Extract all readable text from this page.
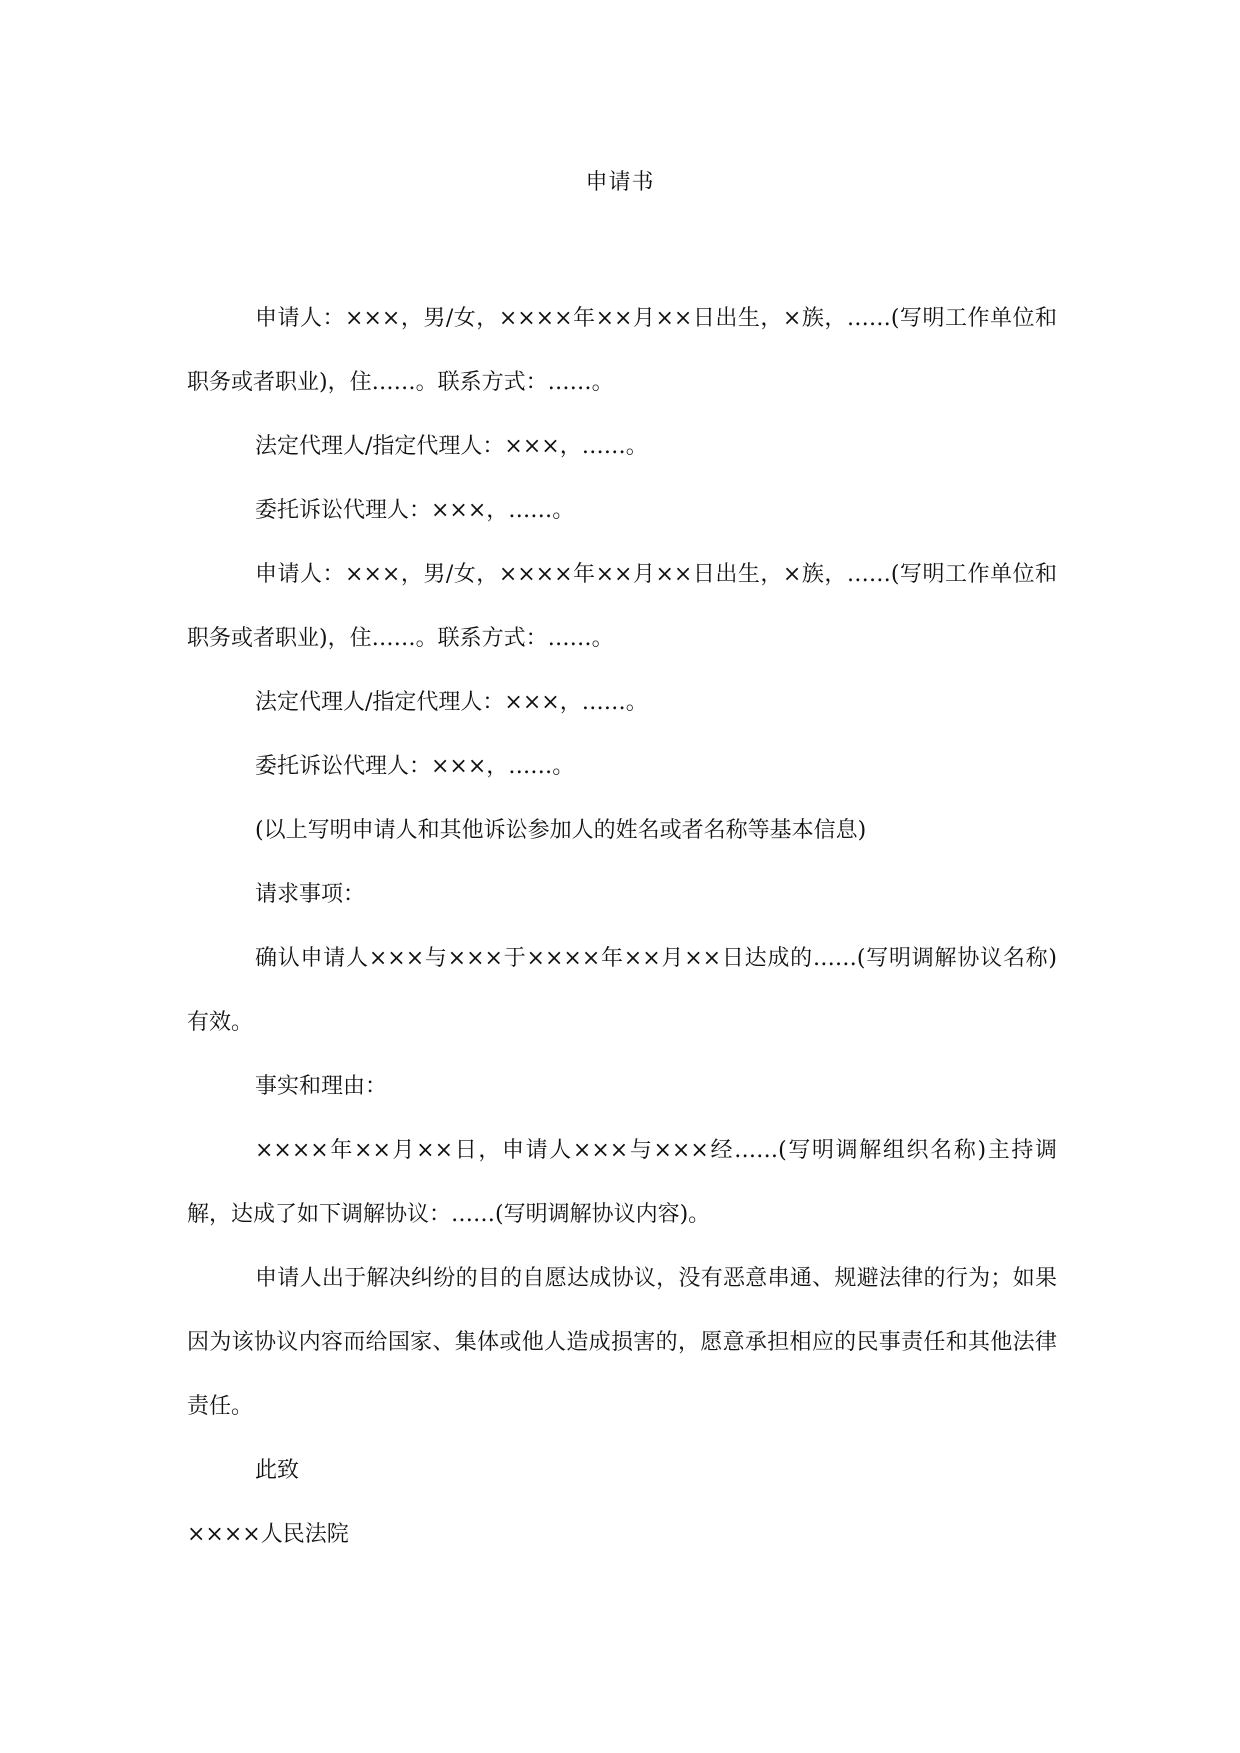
申请书

申请人：×××，男/女，××××年××月××日出生，×族，……(写明工作单位和职务或者职业)，住……。联系方式：……。

法定代理人/指定代理人：×××，……。

委托诉讼代理人：×××，……。

申请人：×××，男/女，××××年××月××日出生，×族，……(写明工作单位和职务或者职业)，住……。联系方式：……。

法定代理人/指定代理人：×××，……。

委托诉讼代理人：×××，……。

(以上写明申请人和其他诉讼参加人的姓名或者名称等基本信息)

请求事项：

确认申请人×××与×××于××××年××月××日达成的……(写明调解协议名称)有效。

事实和理由：

××××年××月××日，申请人×××与×××经……(写明调解组织名称)主持调解，达成了如下调解协议：……(写明调解协议内容)。

申请人出于解决纠纷的目的自愿达成协议，没有恶意串通、规避法律的行为；如果因为该协议内容而给国家、集体或他人造成损害的，愿意承担相应的民事责任和其他法律责任。

此致

××××人民法院
